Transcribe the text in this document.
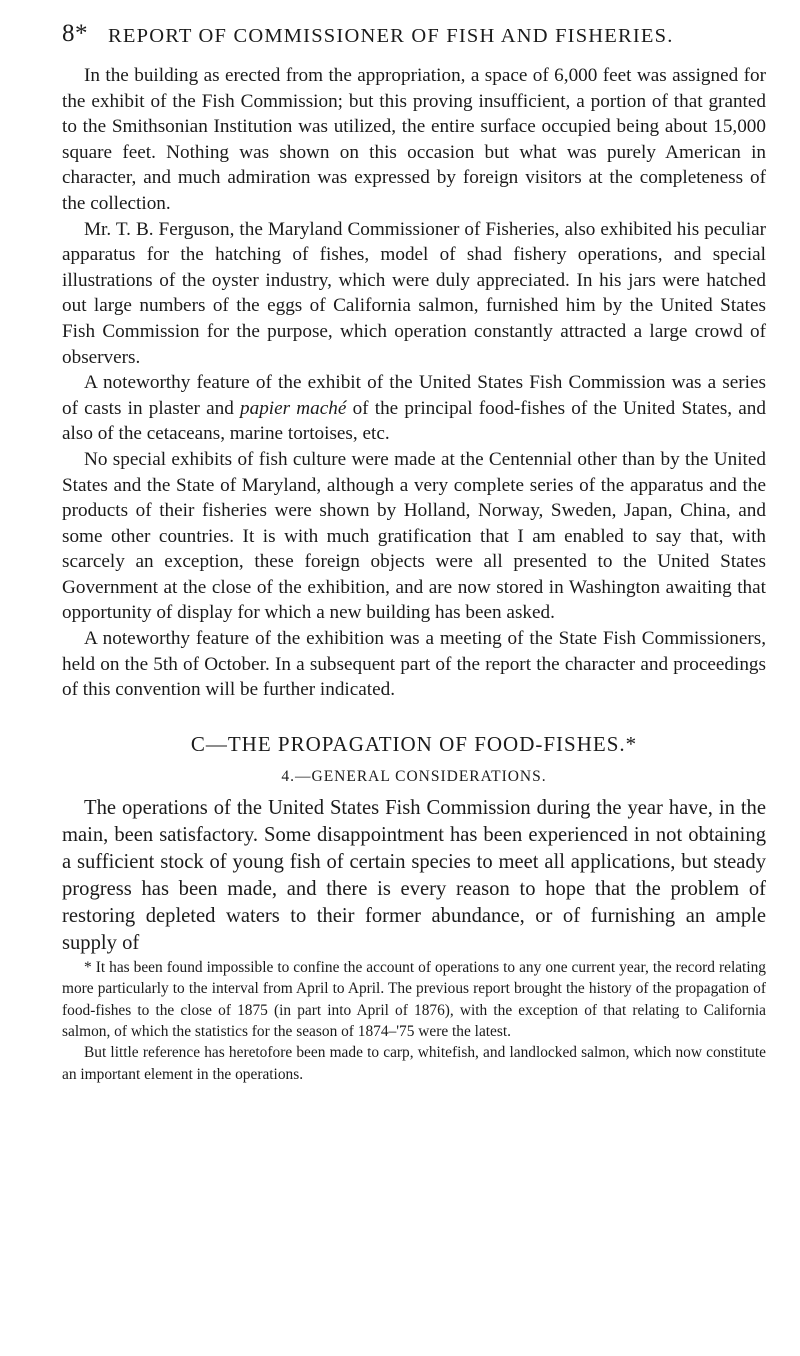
8* REPORT OF COMMISSIONER OF FISH AND FISHERIES.

In the building as erected from the appropriation, a space of 6,000 feet was assigned for the exhibit of the Fish Commission; but this proving insufficient, a portion of that granted to the Smithsonian Institution was utilized, the entire surface occupied being about 15,000 square feet. Nothing was shown on this occasion but what was purely American in character, and much admiration was expressed by foreign visitors at the completeness of the collection.

Mr. T. B. Ferguson, the Maryland Commissioner of Fisheries, also exhibited his peculiar apparatus for the hatching of fishes, model of shad fishery operations, and special illustrations of the oyster industry, which were duly appreciated. In his jars were hatched out large numbers of the eggs of California salmon, furnished him by the United States Fish Commission for the purpose, which operation constantly attracted a large crowd of observers.

A noteworthy feature of the exhibit of the United States Fish Commission was a series of casts in plaster and papier maché of the principal food-fishes of the United States, and also of the cetaceans, marine tortoises, etc.

No special exhibits of fish culture were made at the Centennial other than by the United States and the State of Maryland, although a very complete series of the apparatus and the products of their fisheries were shown by Holland, Norway, Sweden, Japan, China, and some other countries. It is with much gratification that I am enabled to say that, with scarcely an exception, these foreign objects were all presented to the United States Government at the close of the exhibition, and are now stored in Washington awaiting that opportunity of display for which a new building has been asked.

A noteworthy feature of the exhibition was a meeting of the State Fish Commissioners, held on the 5th of October. In a subsequent part of the report the character and proceedings of this convention will be further indicated.

C—THE PROPAGATION OF FOOD-FISHES.*
4.—GENERAL CONSIDERATIONS.

The operations of the United States Fish Commission during the year have, in the main, been satisfactory. Some disappointment has been experienced in not obtaining a sufficient stock of young fish of certain species to meet all applications, but steady progress has been made, and there is every reason to hope that the problem of restoring depleted waters to their former abundance, or of furnishing an ample supply of

* It has been found impossible to confine the account of operations to any one current year, the record relating more particularly to the interval from April to April. The previous report brought the history of the propagation of food-fishes to the close of 1875 (in part into April of 1876), with the exception of that relating to California salmon, of which the statistics for the season of 1874–'75 were the latest.

But little reference has heretofore been made to carp, whitefish, and landlocked salmon, which now constitute an important element in the operations.
